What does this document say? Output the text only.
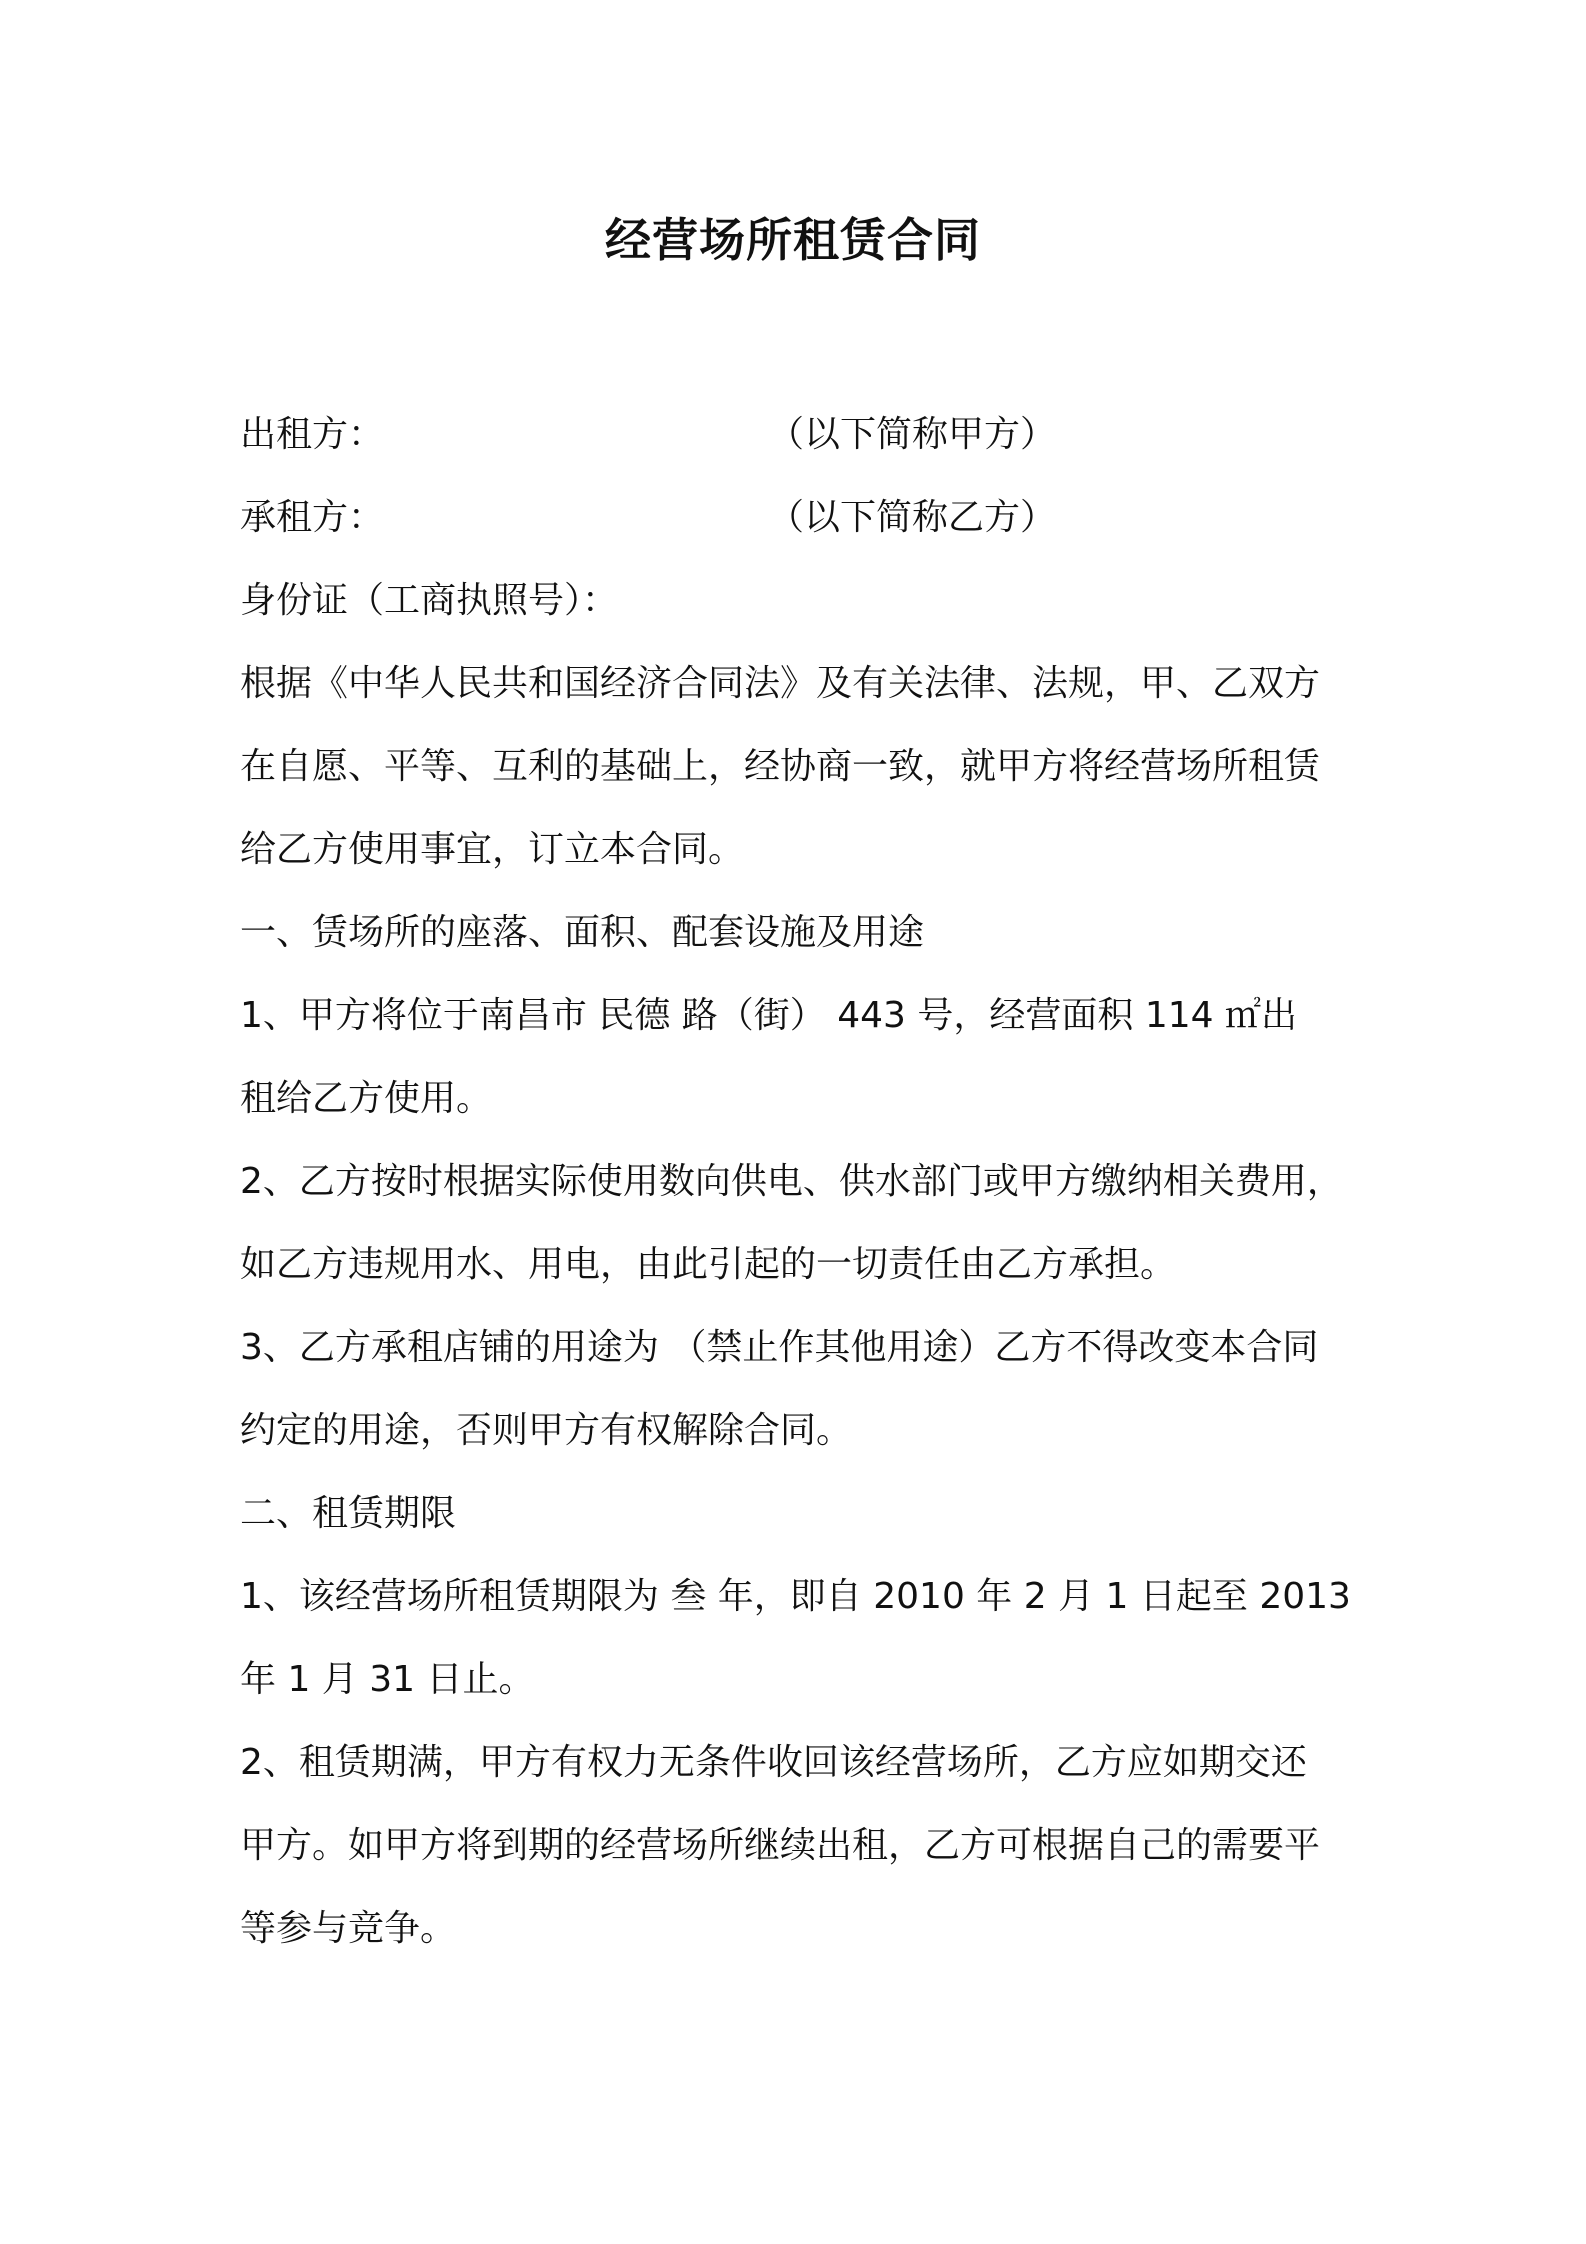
经营场所租赁合同
出租方：	（以下简称甲方）
承租方：	（以下简称乙方）
身份证（工商执照号）：
根据《中华人民共和国经济合同法》及有关法律、法规，甲、乙双方
在自愿、平等、互利的基础上，经协商一致，就甲方将经营场所租赁
给乙方使用事宜，订立本合同。
一、赁场所的座落、面积、配套设施及用途
1、甲方将位于南昌市 民德 路（街） 443 号，经营面积 114 ㎡出
租给乙方使用。
2、乙方按时根据实际使用数向供电、供水部门或甲方缴纳相关费用，
如乙方违规用水、用电，由此引起的一切责任由乙方承担。
3、乙方承租店铺的用途为 （禁止作其他用途）乙方不得改变本合同
约定的用途，否则甲方有权解除合同。
二、租赁期限
1、该经营场所租赁期限为 叁 年，即自 2010 年 2 月 1 日起至 2013
年 1 月 31 日止。
2、租赁期满，甲方有权力无条件收回该经营场所，乙方应如期交还
甲方。如甲方将到期的经营场所继续出租，乙方可根据自己的需要平
等参与竞争。
